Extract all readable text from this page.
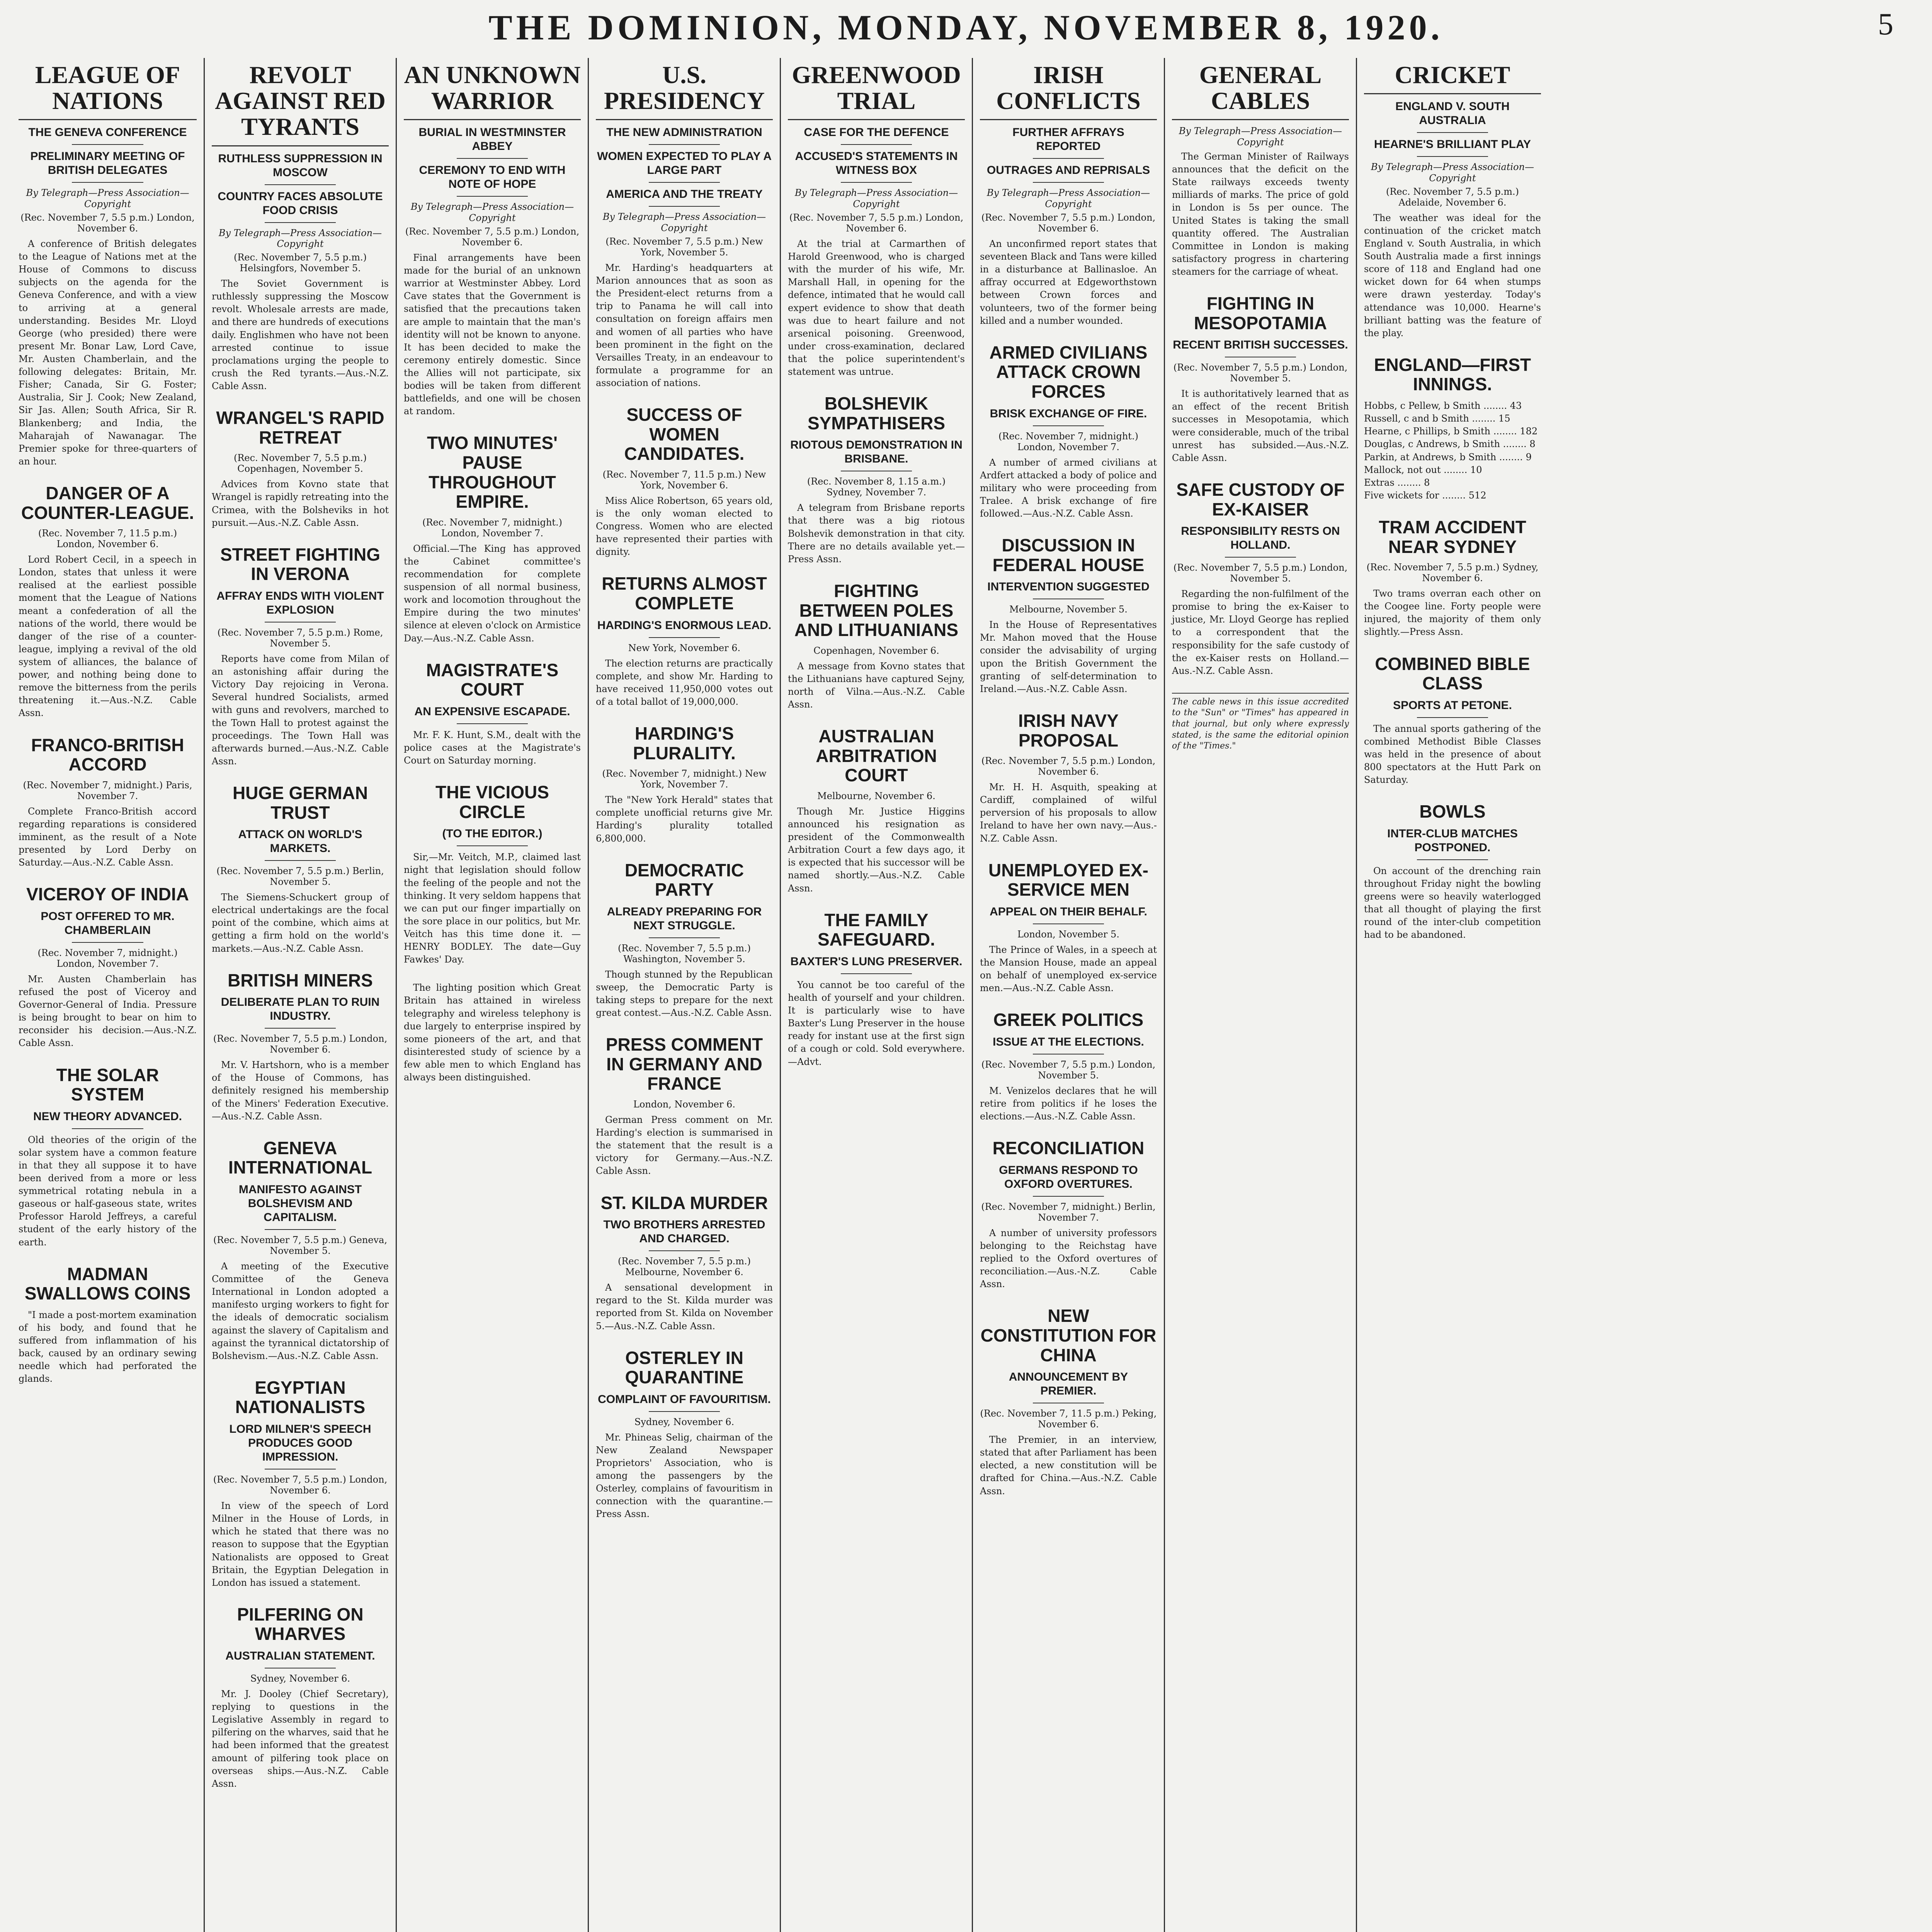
THE DOMINION, MONDAY, NOVEMBER 8, 1920.	5
LEAGUE OF NATIONS
THE GENEVA CONFERENCE
PRELIMINARY MEETING OF BRITISH DELEGATES
By Telegraph—Press Association—Copyright
(Rec. November 7, 5.5 p.m.) London, November 6.

A conference of British delegates to the League of Nations met at the House of Commons to discuss subjects on the agenda for the Geneva Conference, and with a view to arriving at a general understanding. Besides Mr. Lloyd George (who presided) there were present Mr. Bonar Law, Lord Cave, Mr. Austen Chamberlain, and the following delegates: Britain, Mr. Fisher; Canada, Sir G. Foster; Australia, Sir J. Cook; New Zealand, Sir Jas. Allen; South Africa, Sir R. Blankenberg; and India, the Maharajah of Nawanagar. The Premier spoke for three-quarters of an hour.

DANGER OF A COUNTER-LEAGUE.
(Rec. November 7, 11.5 p.m.) London, November 6.

Lord Robert Cecil, in a speech in London, states that unless it were realised at the earliest possible moment that the League of Nations meant a confederation of all the nations of the world, there would be danger of the rise of a counter-league, implying a revival of the old system of alliances, the balance of power, and nothing being done to remove the bitterness from the perils threatening it.—Aus.-N.Z. Cable Assn.

FRANCO-BRITISH ACCORD
(Rec. November 7, midnight.) Paris, November 7.

Complete Franco-British accord regarding reparations is considered imminent, as the result of a Note presented by Lord Derby on Saturday.—Aus.-N.Z. Cable Assn.

VICEROY OF INDIA
POST OFFERED TO MR. CHAMBERLAIN
(Rec. November 7, midnight.) London, November 7.

Mr. Austen Chamberlain has refused the post of Viceroy and Governor-General of India. Pressure is being brought to bear on him to reconsider his decision.—Aus.-N.Z. Cable Assn.

THE SOLAR SYSTEM
NEW THEORY ADVANCED.

Old theories of the origin of the solar system have a common feature in that they all suppose it to have been derived from a more or less symmetrical rotating nebula in a gaseous or half-gaseous state, writes Professor Harold Jeffreys, a careful student of the early history of the earth.

MADMAN SWALLOWS COINS

"I made a post-mortem examination of his body, and found that he suffered from inflammation of his back, caused by an ordinary sewing needle which had perforated the glands.

REVOLT AGAINST RED TYRANTS
RUTHLESS SUPPRESSION IN MOSCOW
COUNTRY FACES ABSOLUTE FOOD CRISIS
By Telegraph—Press Association—Copyright
(Rec. November 7, 5.5 p.m.) Helsingfors, November 5.

The Soviet Government is ruthlessly suppressing the Moscow revolt. Wholesale arrests are made, and there are hundreds of executions daily. Englishmen who have not been arrested continue to issue proclamations urging the people to crush the Red tyrants.—Aus.-N.Z. Cable Assn.

WRANGEL'S RAPID RETREAT
(Rec. November 7, 5.5 p.m.) Copenhagen, November 5.

Advices from Kovno state that Wrangel is rapidly retreating into the Crimea, with the Bolsheviks in hot pursuit.—Aus.-N.Z. Cable Assn.

STREET FIGHTING IN VERONA
AFFRAY ENDS WITH VIOLENT EXPLOSION
(Rec. November 7, 5.5 p.m.) Rome, November 5.

Reports have come from Milan of an astonishing affair during the Victory Day rejoicing in Verona. Several hundred Socialists, armed with guns and revolvers, marched to the Town Hall to protest against the proceedings. The Town Hall was afterwards burned.—Aus.-N.Z. Cable Assn.

HUGE GERMAN TRUST
ATTACK ON WORLD'S MARKETS.
(Rec. November 7, 5.5 p.m.) Berlin, November 5.

The Siemens-Schuckert group of electrical undertakings are the focal point of the combine, which aims at getting a firm hold on the world's markets.—Aus.-N.Z. Cable Assn.

BRITISH MINERS
DELIBERATE PLAN TO RUIN INDUSTRY.
(Rec. November 7, 5.5 p.m.) London, November 6.

Mr. V. Hartshorn, who is a member of the House of Commons, has definitely resigned his membership of the Miners' Federation Executive.—Aus.-N.Z. Cable Assn.

GENEVA INTERNATIONAL
MANIFESTO AGAINST BOLSHEVISM AND CAPITALISM.
(Rec. November 7, 5.5 p.m.) Geneva, November 5.

A meeting of the Executive Committee of the Geneva International in London adopted a manifesto urging workers to fight for the ideals of democratic socialism against the slavery of Capitalism and against the tyrannical dictatorship of Bolshevism.—Aus.-N.Z. Cable Assn.

EGYPTIAN NATIONALISTS
LORD MILNER'S SPEECH PRODUCES GOOD IMPRESSION.
(Rec. November 7, 5.5 p.m.) London, November 6.

In view of the speech of Lord Milner in the House of Lords, in which he stated that there was no reason to suppose that the Egyptian Nationalists are opposed to Great Britain, the Egyptian Delegation in London has issued a statement.

PILFERING ON WHARVES
AUSTRALIAN STATEMENT.
Sydney, November 6.

Mr. J. Dooley (Chief Secretary), replying to questions in the Legislative Assembly in regard to pilfering on the wharves, said that he had been informed that the greatest amount of pilfering took place on overseas ships.—Aus.-N.Z. Cable Assn.

AN UNKNOWN WARRIOR
BURIAL IN WESTMINSTER ABBEY
CEREMONY TO END WITH NOTE OF HOPE
By Telegraph—Press Association—Copyright
(Rec. November 7, 5.5 p.m.) London, November 6.

Final arrangements have been made for the burial of an unknown warrior at Westminster Abbey. Lord Cave states that the Government is satisfied that the precautions taken are ample to maintain that the man's identity will not be known to anyone. It has been decided to make the ceremony entirely domestic. Since the Allies will not participate, six bodies will be taken from different battlefields, and one will be chosen at random.

TWO MINUTES' PAUSE THROUGHOUT EMPIRE.
(Rec. November 7, midnight.) London, November 7.

Official.—The King has approved the Cabinet committee's recommendation for complete suspension of all normal business, work and locomotion throughout the Empire during the two minutes' silence at eleven o'clock on Armistice Day.—Aus.-N.Z. Cable Assn.

MAGISTRATE'S COURT
AN EXPENSIVE ESCAPADE.

Mr. F. K. Hunt, S.M., dealt with the police cases at the Magistrate's Court on Saturday morning.

THE VICIOUS CIRCLE
(TO THE EDITOR.)

Sir,—Mr. Veitch, M.P., claimed last night that legislation should follow the feeling of the people and not the thinking. It very seldom happens that we can put our finger impartially on the sore place in our politics, but Mr. Veitch has this time done it. — HENRY BODLEY. The date—Guy Fawkes' Day.

The lighting position which Great Britain has attained in wireless telegraphy and wireless telephony is due largely to enterprise inspired by some pioneers of the art, and that disinterested study of science by a few able men to which England has always been distinguished.

U.S. PRESIDENCY
THE NEW ADMINISTRATION
WOMEN EXPECTED TO PLAY A LARGE PART
AMERICA AND THE TREATY
By Telegraph—Press Association—Copyright
(Rec. November 7, 5.5 p.m.) New York, November 5.

Mr. Harding's headquarters at Marion announces that as soon as the President-elect returns from a trip to Panama he will call into consultation on foreign affairs men and women of all parties who have been prominent in the fight on the Versailles Treaty, in an endeavour to formulate a programme for an association of nations.

SUCCESS OF WOMEN CANDIDATES.
(Rec. November 7, 11.5 p.m.) New York, November 6.

Miss Alice Robertson, 65 years old, is the only woman elected to Congress. Women who are elected have represented their parties with dignity.

RETURNS ALMOST COMPLETE
HARDING'S ENORMOUS LEAD.
New York, November 6.

The election returns are practically complete, and show Mr. Harding to have received 11,950,000 votes out of a total ballot of 19,000,000.

HARDING'S PLURALITY.
(Rec. November 7, midnight.) New York, November 7.

The "New York Herald" states that complete unofficial returns give Mr. Harding's plurality totalled 6,800,000.

DEMOCRATIC PARTY
ALREADY PREPARING FOR NEXT STRUGGLE.
(Rec. November 7, 5.5 p.m.) Washington, November 5.

Though stunned by the Republican sweep, the Democratic Party is taking steps to prepare for the next great contest.—Aus.-N.Z. Cable Assn.

PRESS COMMENT IN GERMANY AND FRANCE
London, November 6.

German Press comment on Mr. Harding's election is summarised in the statement that the result is a victory for Germany.—Aus.-N.Z. Cable Assn.

ST. KILDA MURDER
TWO BROTHERS ARRESTED AND CHARGED.
(Rec. November 7, 5.5 p.m.) Melbourne, November 6.

A sensational development in regard to the St. Kilda murder was reported from St. Kilda on November 5.—Aus.-N.Z. Cable Assn.

OSTERLEY IN QUARANTINE
COMPLAINT OF FAVOURITISM.
Sydney, November 6.

Mr. Phineas Selig, chairman of the New Zealand Newspaper Proprietors' Association, who is among the passengers by the Osterley, complains of favouritism in connection with the quarantine.—Press Assn.

GREENWOOD TRIAL
CASE FOR THE DEFENCE
ACCUSED'S STATEMENTS IN WITNESS BOX
By Telegraph—Press Association—Copyright
(Rec. November 7, 5.5 p.m.) London, November 6.

At the trial at Carmarthen of Harold Greenwood, who is charged with the murder of his wife, Mr. Marshall Hall, in opening for the defence, intimated that he would call expert evidence to show that death was due to heart failure and not arsenical poisoning. Greenwood, under cross-examination, declared that the police superintendent's statement was untrue.

BOLSHEVIK SYMPATHISERS
RIOTOUS DEMONSTRATION IN BRISBANE.
(Rec. November 8, 1.15 a.m.) Sydney, November 7.

A telegram from Brisbane reports that there was a big riotous Bolshevik demonstration in that city. There are no details available yet.—Press Assn.

FIGHTING BETWEEN POLES AND LITHUANIANS
Copenhagen, November 6.

A message from Kovno states that the Lithuanians have captured Sejny, north of Vilna.—Aus.-N.Z. Cable Assn.

AUSTRALIAN ARBITRATION COURT
Melbourne, November 6.

Though Mr. Justice Higgins announced his resignation as president of the Commonwealth Arbitration Court a few days ago, it is expected that his successor will be named shortly.—Aus.-N.Z. Cable Assn.

THE FAMILY SAFEGUARD.
BAXTER'S LUNG PRESERVER.

You cannot be too careful of the health of yourself and your children. It is particularly wise to have Baxter's Lung Preserver in the house ready for instant use at the first sign of a cough or cold. Sold everywhere.—Advt.

IRISH CONFLICTS
FURTHER AFFRAYS REPORTED
OUTRAGES AND REPRISALS
By Telegraph—Press Association—Copyright
(Rec. November 7, 5.5 p.m.) London, November 6.

An unconfirmed report states that seventeen Black and Tans were killed in a disturbance at Ballinasloe. An affray occurred at Edgeworthstown between Crown forces and volunteers, two of the former being killed and a number wounded.

ARMED CIVILIANS ATTACK CROWN FORCES
BRISK EXCHANGE OF FIRE.
(Rec. November 7, midnight.) London, November 7.

A number of armed civilians at Ardfert attacked a body of police and military who were proceeding from Tralee. A brisk exchange of fire followed.—Aus.-N.Z. Cable Assn.

DISCUSSION IN FEDERAL HOUSE
INTERVENTION SUGGESTED
Melbourne, November 5.

In the House of Representatives Mr. Mahon moved that the House consider the advisability of urging upon the British Government the granting of self-determination to Ireland.—Aus.-N.Z. Cable Assn.

IRISH NAVY PROPOSAL
(Rec. November 7, 5.5 p.m.) London, November 6.

Mr. H. H. Asquith, speaking at Cardiff, complained of wilful perversion of his proposals to allow Ireland to have her own navy.—Aus.-N.Z. Cable Assn.

UNEMPLOYED EX-SERVICE MEN
APPEAL ON THEIR BEHALF.
London, November 5.

The Prince of Wales, in a speech at the Mansion House, made an appeal on behalf of unemployed ex-service men.—Aus.-N.Z. Cable Assn.

GREEK POLITICS
ISSUE AT THE ELECTIONS.
(Rec. November 7, 5.5 p.m.) London, November 5.

M. Venizelos declares that he will retire from politics if he loses the elections.—Aus.-N.Z. Cable Assn.

RECONCILIATION
GERMANS RESPOND TO OXFORD OVERTURES.
(Rec. November 7, midnight.) Berlin, November 7.

A number of university professors belonging to the Reichstag have replied to the Oxford overtures of reconciliation.—Aus.-N.Z. Cable Assn.

NEW CONSTITUTION FOR CHINA
ANNOUNCEMENT BY PREMIER.
(Rec. November 7, 11.5 p.m.) Peking, November 6.

The Premier, in an interview, stated that after Parliament has been elected, a new constitution will be drafted for China.—Aus.-N.Z. Cable Assn.

GENERAL CABLES
By Telegraph—Press Association—Copyright

The German Minister of Railways announces that the deficit on the State railways exceeds twenty milliards of marks. The price of gold in London is 5s per ounce. The United States is taking the small quantity offered. The Australian Committee in London is making satisfactory progress in chartering steamers for the carriage of wheat.

FIGHTING IN MESOPOTAMIA
RECENT BRITISH SUCCESSES.
(Rec. November 7, 5.5 p.m.) London, November 5.

It is authoritatively learned that as an effect of the recent British successes in Mesopotamia, which were considerable, much of the tribal unrest has subsided.—Aus.-N.Z. Cable Assn.

SAFE CUSTODY OF EX-KAISER
RESPONSIBILITY RESTS ON HOLLAND.
(Rec. November 7, 5.5 p.m.) London, November 5.

Regarding the non-fulfilment of the promise to bring the ex-Kaiser to justice, Mr. Lloyd George has replied to a correspondent that the responsibility for the safe custody of the ex-Kaiser rests on Holland.—Aus.-N.Z. Cable Assn.

The cable news in this issue accredited to the "Sun" or "Times" has appeared in that journal, but only where expressly stated, is the same the editorial opinion of the "Times."
CRICKET
ENGLAND V. SOUTH AUSTRALIA
HEARNE'S BRILLIANT PLAY
By Telegraph—Press Association—Copyright
(Rec. November 7, 5.5 p.m.) Adelaide, November 6.

The weather was ideal for the continuation of the cricket match England v. South Australia, in which South Australia made a first innings score of 118 and England had one wicket down for 64 when stumps were drawn yesterday. Today's attendance was 10,000. Hearne's brilliant batting was the feature of the play.

ENGLAND—FIRST INNINGS.
Hobbs, c Pellew, b Smith ........ 43
Russell, c and b Smith ........ 15
Hearne, c Phillips, b Smith ........ 182
Douglas, c Andrews, b Smith ........ 8
Parkin, at Andrews, b Smith ........ 9
Mallock, not out ........ 10
Extras ........ 8
Five wickets for ........ 512
TRAM ACCIDENT NEAR SYDNEY
(Rec. November 7, 5.5 p.m.) Sydney, November 6.

Two trams overran each other on the Coogee line. Forty people were injured, the majority of them only slightly.—Press Assn.

COMBINED BIBLE CLASS
SPORTS AT PETONE.

The annual sports gathering of the combined Methodist Bible Classes was held in the presence of about 800 spectators at the Hutt Park on Saturday.

BOWLS
INTER-CLUB MATCHES POSTPONED.

On account of the drenching rain throughout Friday night the bowling greens were so heavily waterlogged that all thought of playing the first round of the inter-club competition had to be abandoned.
